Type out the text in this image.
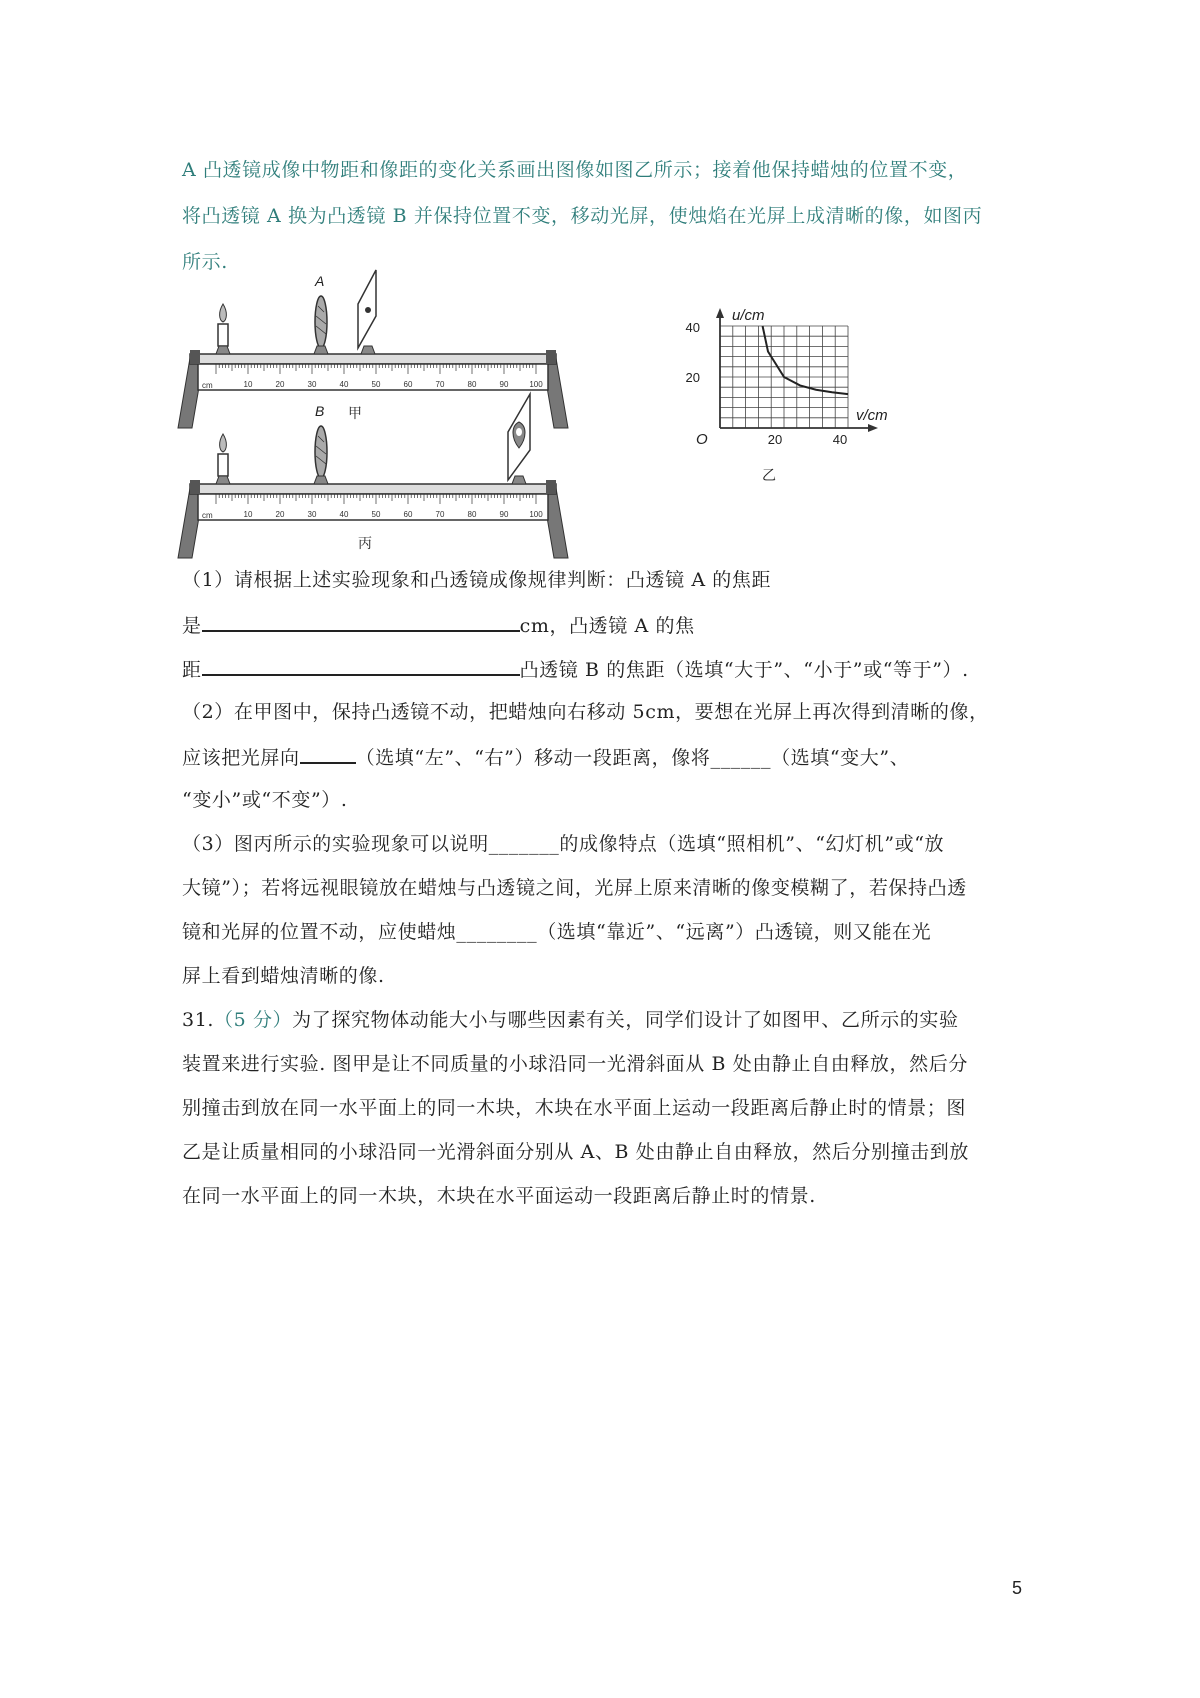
A 凸透镜成像中物距和像距的变化关系画出图像如图乙所示；接着他保持蜡烛的位置不变，
将凸透镜 A 换为凸透镜 B 并保持位置不变，移动光屏，使烛焰在光屏上成清晰的像，如图丙
所示.
10	20	30	40	50	60	70	80	90	100
cm
A
甲
10	20	30	40	50	60	70	80	90	100
cm
B
丙
u/cm
v/cm
O
40
20
20	40
乙
（1）请根据上述实验现象和凸透镜成像规律判断：凸透镜 A 的焦距
是	cm，凸透镜 A 的焦
距	凸透镜 B 的焦距（选填“大于”、“小于”或“等于”）.
（2）在甲图中，保持凸透镜不动，把蜡烛向右移动 5cm，要想在光屏上再次得到清晰的像，
应该把光屏向	（选填“左”、“右”）移动一段距离，像将______（选填“变大”、
“变小”或“不变”）.
（3）图丙所示的实验现象可以说明_______的成像特点（选填“照相机”、“幻灯机”或“放
大镜”）；若将远视眼镜放在蜡烛与凸透镜之间，光屏上原来清晰的像变模糊了，若保持凸透
镜和光屏的位置不动，应使蜡烛________（选填“靠近”、“远离”）凸透镜，则又能在光
屏上看到蜡烛清晰的像.
31.（5 分）为了探究物体动能大小与哪些因素有关，同学们设计了如图甲、乙所示的实验
装置来进行实验. 图甲是让不同质量的小球沿同一光滑斜面从 B 处由静止自由释放，然后分
别撞击到放在同一水平面上的同一木块，木块在水平面上运动一段距离后静止时的情景；图
乙是让质量相同的小球沿同一光滑斜面分别从 A、B 处由静止自由释放，然后分别撞击到放
在同一水平面上的同一木块，木块在水平面运动一段距离后静止时的情景.
5
